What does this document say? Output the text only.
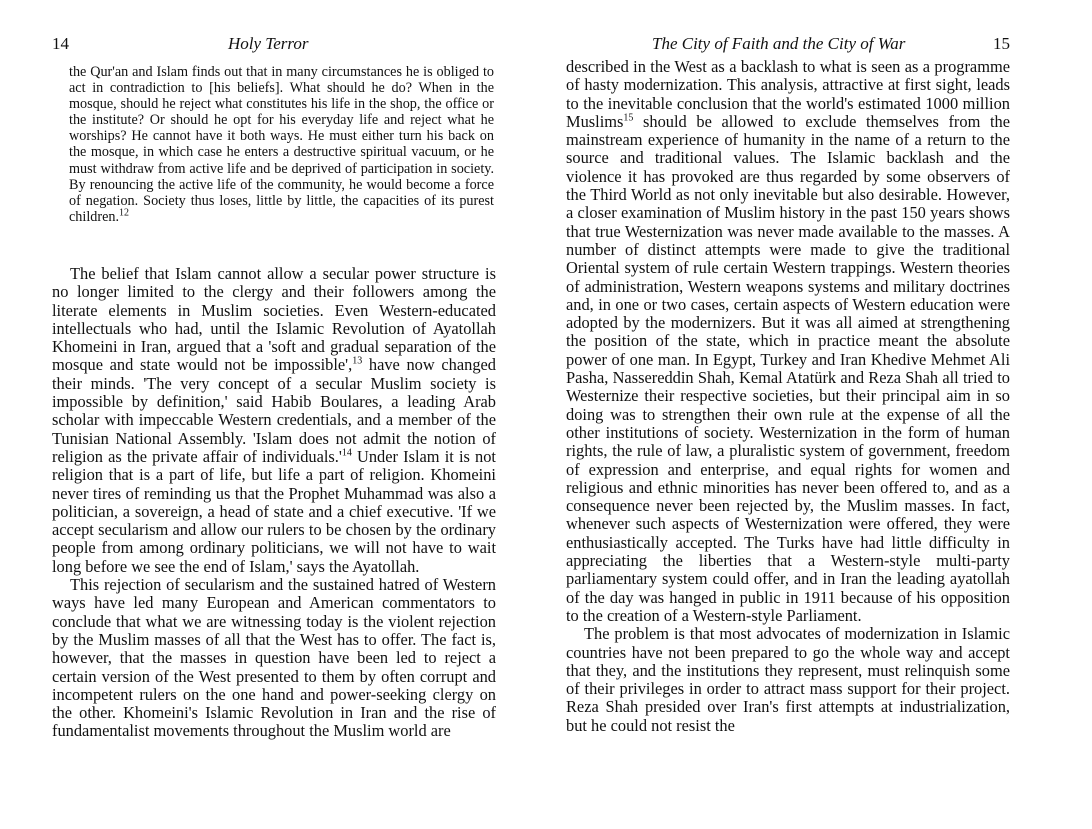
14	Holy Terror

the Qur'an and Islam finds out that in many circumstances he is obliged to act in contradiction to [his beliefs]. What should he do? When in the mosque, should he reject what constitutes his life in the shop, the office or the institute? Or should he opt for his everyday life and reject what he worships? He cannot have it both ways. He must either turn his back on the mosque, in which case he enters a destructive spiritual vacuum, or he must withdraw from active life and be deprived of participation in society. By renouncing the active life of the community, he would become a force of negation. Society thus loses, little by little, the capacities of its purest children.$^{12}$

The belief that Islam cannot allow a secular power structure is no longer limited to the clergy and their followers among the literate elements in Muslim societies. Even Western-educated intellectuals who had, until the Islamic Revolution of Ayatollah Khomeini in Iran, argued that a 'soft and gradual separation of the mosque and state would not be impossible',$^{13}$ have now changed their minds. 'The very concept of a secular Muslim society is impossible by definition,' said Habib Boulares, a leading Arab scholar with impeccable Western credentials, and a member of the Tunisian National Assembly. 'Islam does not admit the notion of religion as the private affair of $individuals.'^{14}$ Under Islam it is not religion that is a part of life, but life a part of religion. Khomeini never tires of reminding us that the Prophet Muhammad was also a politician, a sovereign, a head of state and a chief executive. 'If we accept secularism and allow our rulers to be chosen by the ordinary people from among ordinary politicians, we will not have to wait long before we see the end of Islam,' says the Ayatollah.

This rejection of secularism and the sustained hatred of Western ways have led many European and American commentators to conclude that what we are witnessing today is the violent rejection by the Muslim masses of all that the West has to offer. The fact is, however, that the masses in question have been led to reject a certain version of the West presented to them by often corrupt and incompetent rulers on the one hand and power-seeking clergy on the other. Khomeini's Islamic Revolution in Iran and the rise of fundamentalist movements throughout the Muslim world are

The City of Faith and the City of War	15

described in the West as a backlash to what is seen as a programme of hasty modernization. This analysis, attractive at first sight, leads to the inevitable conclusion that the world's estimated 1000 million Muslims$^{15}$ should be allowed to exclude themselves from the mainstream experience of humanity in the name of a return to the source and traditional values. The Islamic backlash and the violence it has provoked are thus regarded by some observers of the Third World as not only inevitable but also desirable. However, a closer examination of Muslim history in the past 150 years shows that true Westernization was never made available to the masses. A number of distinct attempts were made to give the traditional Oriental system of rule certain Western trappings. Western theories of administration, Western weapons systems and military doctrines and, in one or two cases, certain aspects of Western education were adopted by the modernizers. But it was all aimed at strengthening the position of the state, which in practice meant the absolute power of one man. In Egypt, Turkey and Iran Khedive Mehmet Ali Pasha, Nassereddin Shah, Kemal Atatürk and Reza Shah all tried to Westernize their respective societies, but their principal aim in so doing was to strengthen their own rule at the expense of all the other institutions of society. Westernization in the form of human rights, the rule of law, a pluralistic system of government, freedom of expression and enterprise, and equal rights for women and religious and ethnic minorities has never been offered to, and as a consequence never been rejected by, the Muslim masses. In fact, whenever such aspects of Westernization were offered, they were enthusiastically accepted. The Turks have had little difficulty in appreciating the liberties that a Western-style multi-party parliamentary system could offer, and in Iran the leading ayatollah of the day was hanged in public in 1911 because of his opposition to the creation of a Western-style Parliament.

The problem is that most advocates of modernization in Islamic countries have not been prepared to go the whole way and accept that they, and the institutions they represent, must relinquish some of their privileges in order to attract mass support for their project. Reza Shah presided over Iran's first attempts at industrialization, but he could not resist the
